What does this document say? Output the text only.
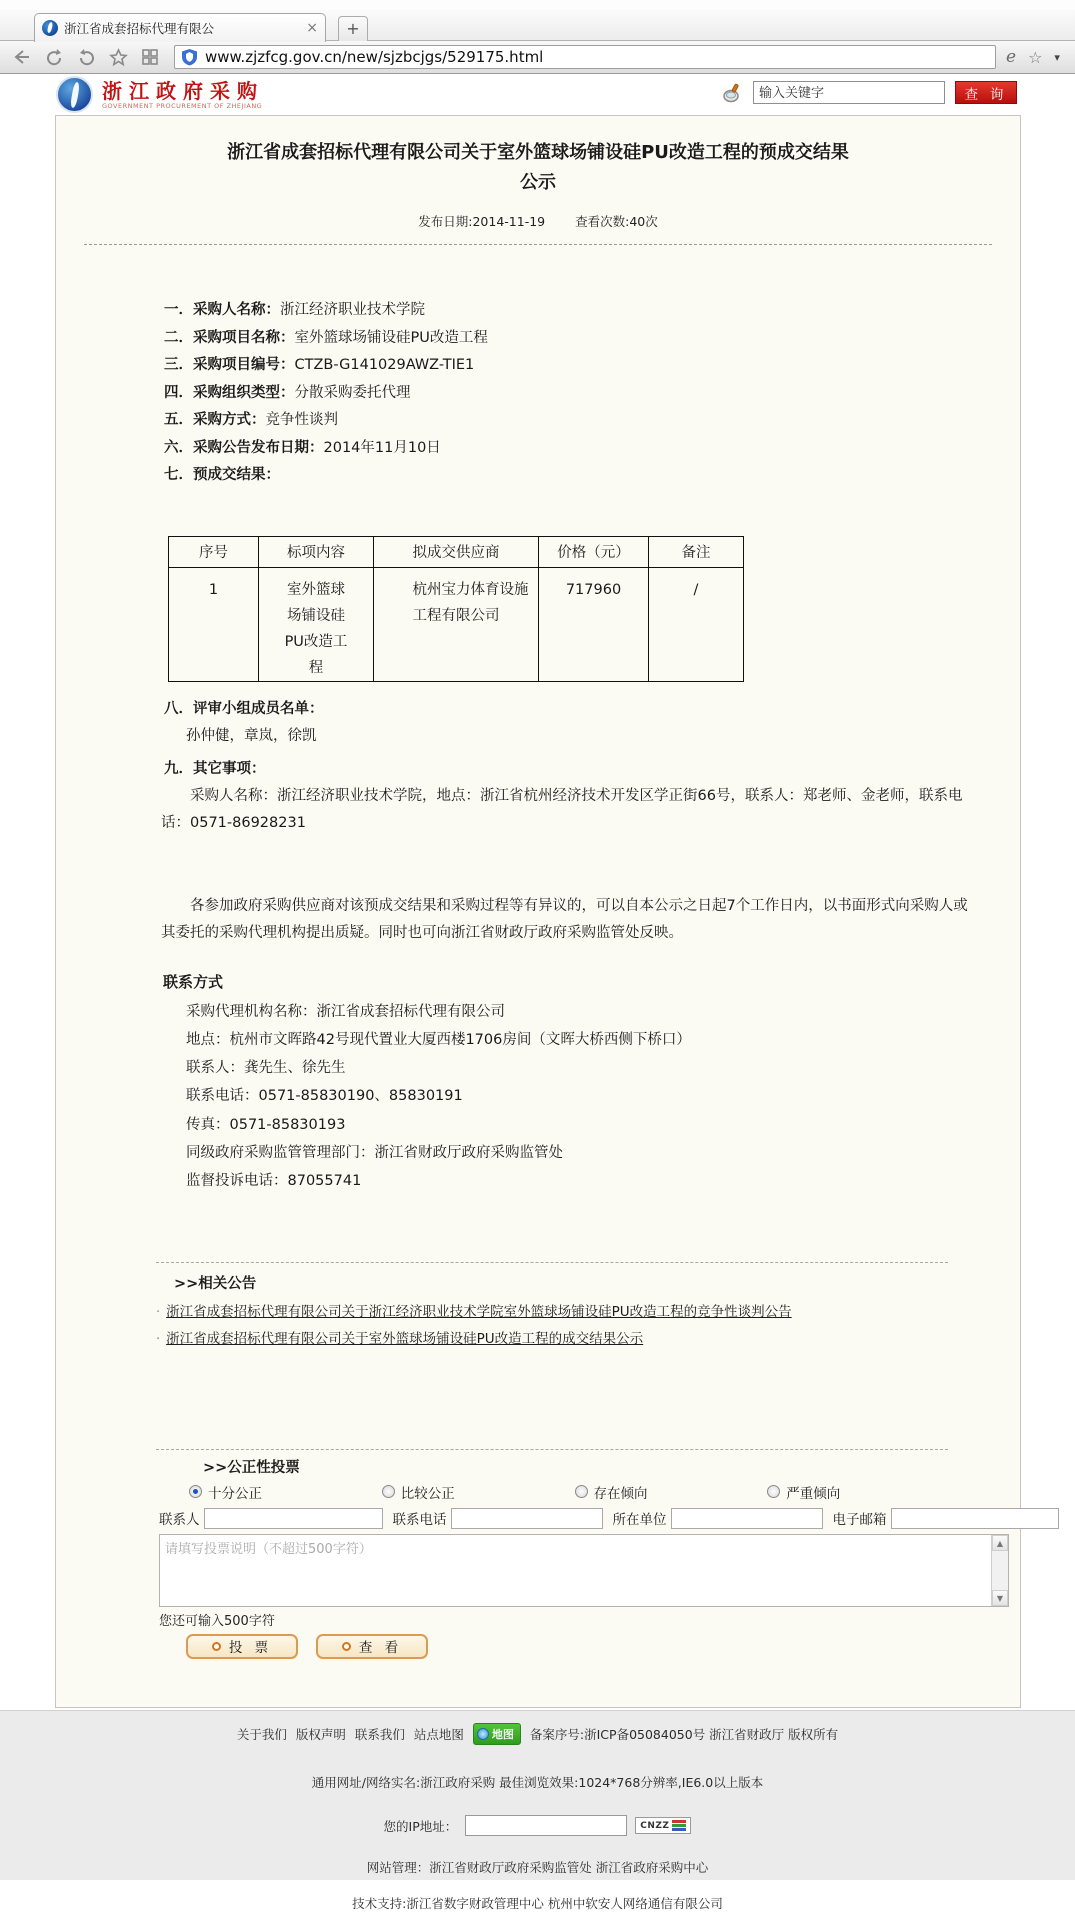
浙江省成套招标代理有限公	×	+
www.zjzfcg.gov.cn/new/sjzbcjgs/529175.html	e ☆ ▾
浙江政府采购
GOVERNMENT PROCUREMENT OF ZHEJIANG
输入关键字
查 询
浙江省成套招标代理有限公司关于室外篮球场铺设硅PU改造工程的预成交结果
公示
发布日期:2014-11-19 查看次数:40次
一．采购人名称：浙江经济职业技术学院
二．采购项目名称：室外篮球场铺设硅PU改造工程
三．采购项目编号：CTZB-G141029AWZ-TIE1
四．采购组织类型：分散采购委托代理
五．采购方式：竞争性谈判
六．采购公告发布日期：2014年11月10日
七．预成交结果：
序号	标项内容	拟成交供应商	价格（元）	备注
1	室外篮球场铺设硅PU改造工程	杭州宝力体育设施工程有限公司	717960	/
八．评审小组成员名单：
孙仲健，章岚，徐凯
九．其它事项：
采购人名称：浙江经济职业技术学院，地点：浙江省杭州经济技术开发区学正街66号，联系人：郑老师、金老师，联系电话：0571-86928231
各参加政府采购供应商对该预成交结果和采购过程等有异议的，可以自本公示之日起7个工作日内，以书面形式向采购人或其委托的采购代理机构提出质疑。同时也可向浙江省财政厅政府采购监管处反映。
联系方式
采购代理机构名称：浙江省成套招标代理有限公司
地点：杭州市文晖路42号现代置业大厦西楼1706房间（文晖大桥西侧下桥口）
联系人：龚先生、徐先生
联系电话：0571-85830190、85830191
传真：0571-85830193
同级政府采购监管管理部门：浙江省财政厅政府采购监管处
监督投诉电话：87055741
>>相关公告
· 浙江省成套招标代理有限公司关于浙江经济职业技术学院室外篮球场铺设硅PU改造工程的竞争性谈判公告
· 浙江省成套招标代理有限公司关于室外篮球场铺设硅PU改造工程的成交结果公示
>>公正性投票
十分公正	比较公正	存在倾向	严重倾向
联系人	联系电话	所在单位	电子邮箱
请填写投票说明（不超过500字符）
▲
▼
您还可输入500字符
投 票	查 看
关于我们 版权声明 联系我们 站点地图	地图 备案序号:浙ICP备05084050号 浙江省财政厅 版权所有
通用网址/网络实名:浙江政府采购 最佳浏览效果:1024*768分辨率,IE6.0以上版本
您的IP地址：	CNZZ
网站管理：浙江省财政厅政府采购监管处 浙江省政府采购中心
技术支持:浙江省数字财政管理中心 杭州中软安人网络通信有限公司
